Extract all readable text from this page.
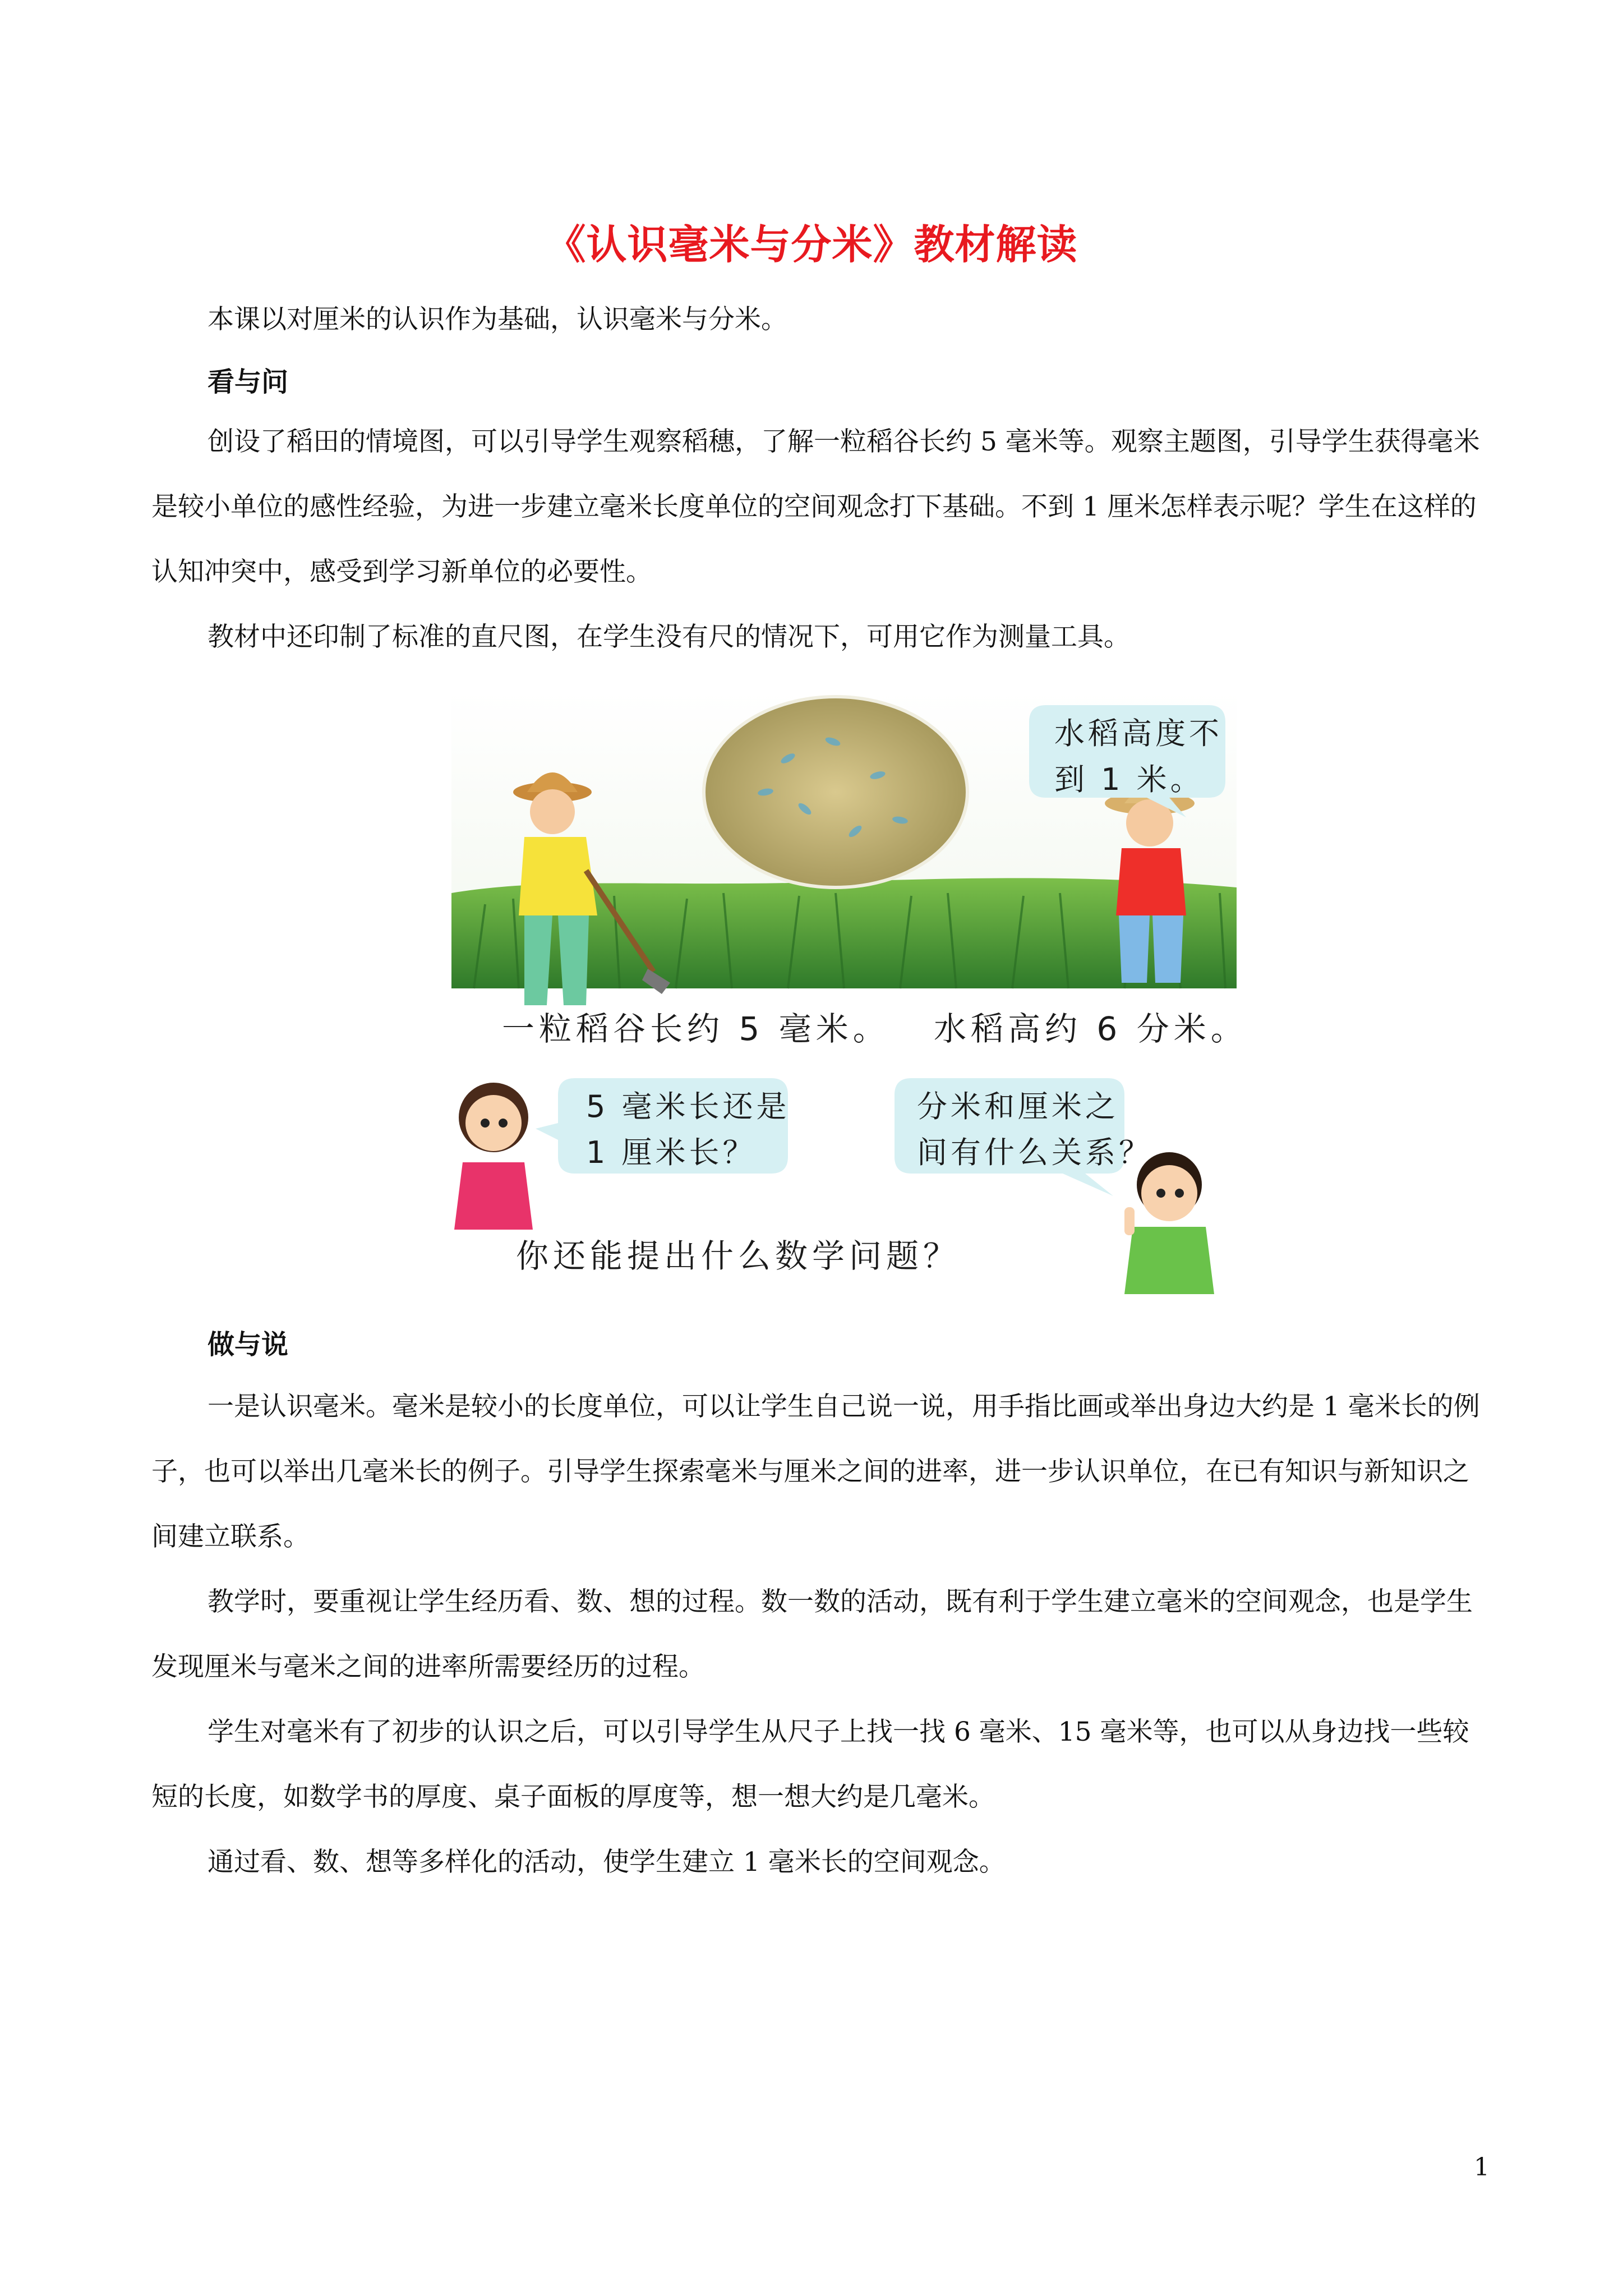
《认识毫米与分米》教材解读

本课以对厘米的认识作为基础，认识毫米与分米。

看与问

创设了稻田的情境图，可以引导学生观察稻穗，了解一粒稻谷长约 5 毫米等。观察主题图，引导学生获得毫米是较小单位的感性经验，为进一步建立毫米长度单位的空间观念打下基础。不到 1 厘米怎样表示呢？学生在这样的认知冲突中，感受到学习新单位的必要性。

教材中还印制了标准的直尺图，在学生没有尺的情况下，可用它作为测量工具。

水稻高度不
到 1 米。
一粒稻谷长约 5 毫米。 水稻高约 6 分米。
5 毫米长还是
1 厘米长？
分米和厘米之
间有什么关系？
你还能提出什么数学问题？

做与说

一是认识毫米。毫米是较小的长度单位，可以让学生自己说一说，用手指比画或举出身边大约是 1 毫米长的例子，也可以举出几毫米长的例子。引导学生探索毫米与厘米之间的进率，进一步认识单位，在已有知识与新知识之间建立联系。

教学时，要重视让学生经历看、数、想的过程。数一数的活动，既有利于学生建立毫米的空间观念，也是学生发现厘米与毫米之间的进率所需要经历的过程。

学生对毫米有了初步的认识之后，可以引导学生从尺子上找一找 6 毫米、15 毫米等，也可以从身边找一些较短的长度，如数学书的厚度、桌子面板的厚度等，想一想大约是几毫米。

通过看、数、想等多样化的活动，使学生建立 1 毫米长的空间观念。

1
